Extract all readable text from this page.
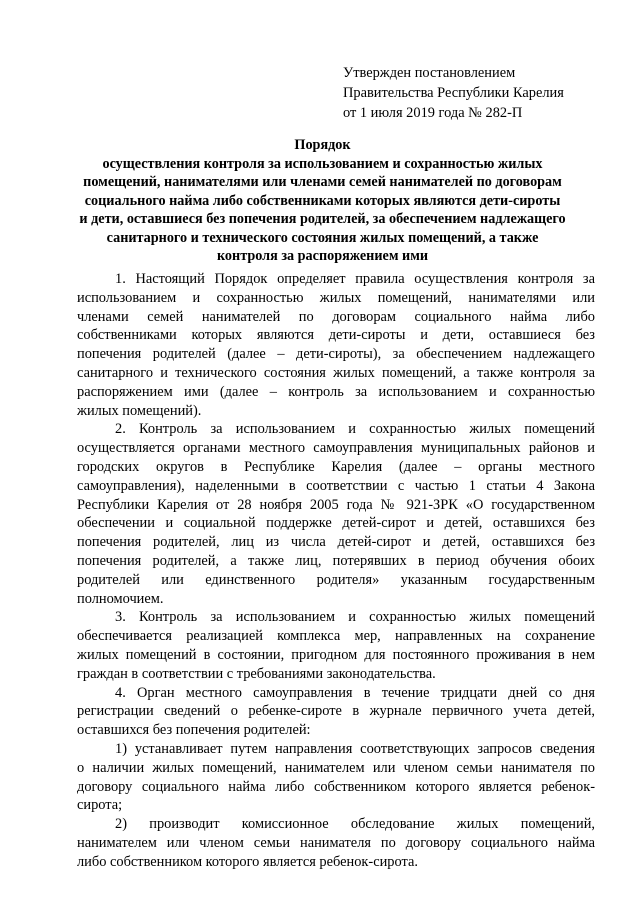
Утвержден постановлением
Правительства Республики Карелия
от 1 июля 2019 года № 282-П
Порядок
осуществления контроля за использованием и сохранностью жилых
помещений, нанимателями или членами семей нанимателей по договорам
социального найма либо собственниками которых являются дети-сироты
и дети, оставшиеся без попечения родителей, за обеспечением надлежащего
санитарного и технического состояния жилых помещений, а также
контроля за распоряжением ими
1. Настоящий Порядок определяет правила осуществления контроля за
использованием и сохранностью жилых помещений, нанимателями или
членами семей нанимателей по договорам социального найма либо
собственниками которых являются дети-сироты и дети, оставшиеся без
попечения родителей (далее – дети-сироты), за обеспечением надлежащего
санитарного и технического состояния жилых помещений, а также контроля за
распоряжением ими (далее – контроль за использованием и сохранностью
жилых помещений).
2. Контроль за использованием и сохранностью жилых помещений
осуществляется органами местного самоуправления муниципальных районов и
городских округов в Республике Карелия (далее – органы местного
самоуправления), наделенными в соответствии с частью 1 статьи 4 Закона
Республики Карелия от 28 ноября 2005 года № 921-ЗРК «О государственном
обеспечении и социальной поддержке детей-сирот и детей, оставшихся без
попечения родителей, лиц из числа детей-сирот и детей, оставшихся без
попечения родителей, а также лиц, потерявших в период обучения обоих
родителей или единственного родителя» указанным государственным
полномочием.
3. Контроль за использованием и сохранностью жилых помещений
обеспечивается реализацией комплекса мер, направленных на сохранение
жилых помещений в состоянии, пригодном для постоянного проживания в нем
граждан в соответствии с требованиями законодательства.
4. Орган местного самоуправления в течение тридцати дней со дня
регистрации сведений о ребенке-сироте в журнале первичного учета детей,
оставшихся без попечения родителей:
1) устанавливает путем направления соответствующих запросов сведения
о наличии жилых помещений, нанимателем или членом семьи нанимателя по
договору социального найма либо собственником которого является ребенок-
сирота;
2) производит комиссионное обследование жилых помещений,
нанимателем или членом семьи нанимателя по договору социального найма
либо собственником которого является ребенок-сирота.
